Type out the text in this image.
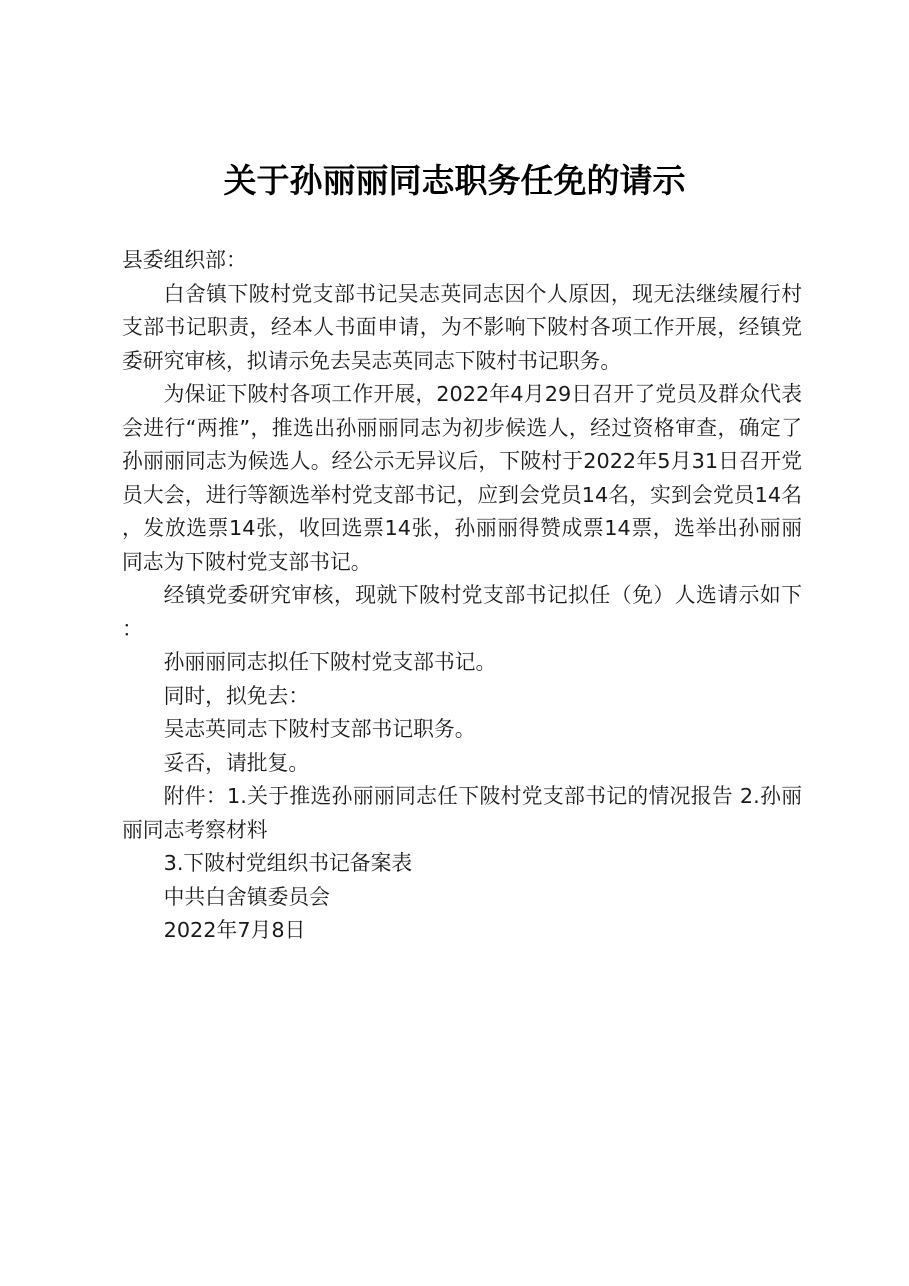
关于孙丽丽同志职务任免的请示

县委组织部：

白舍镇下陂村党支部书记吴志英同志因个人原因，现无法继续履行村支部书记职责，经本人书面申请，为不影响下陂村各项工作开展，经镇党委研究审核，拟请示免去吴志英同志下陂村书记职务。

为保证下陂村各项工作开展，2022年4月29日召开了党员及群众代表会进行“两推”，推选出孙丽丽同志为初步候选人，经过资格审查，确定了孙丽丽同志为候选人。经公示无异议后，下陂村于2022年5月31日召开党员大会，进行等额选举村党支部书记，应到会党员14名，实到会党员14名，发放选票14张，收回选票14张，孙丽丽得赞成票14票，选举出孙丽丽同志为下陂村党支部书记。

经镇党委研究审核，现就下陂村党支部书记拟任（免）人选请示如下：

孙丽丽同志拟任下陂村党支部书记。

同时，拟免去：

吴志英同志下陂村支部书记职务。

妥否，请批复。

附件：1.关于推选孙丽丽同志任下陂村党支部书记的情况报告 2.孙丽丽同志考察材料

3.下陂村党组织书记备案表

中共白舍镇委员会

2022年7月8日
